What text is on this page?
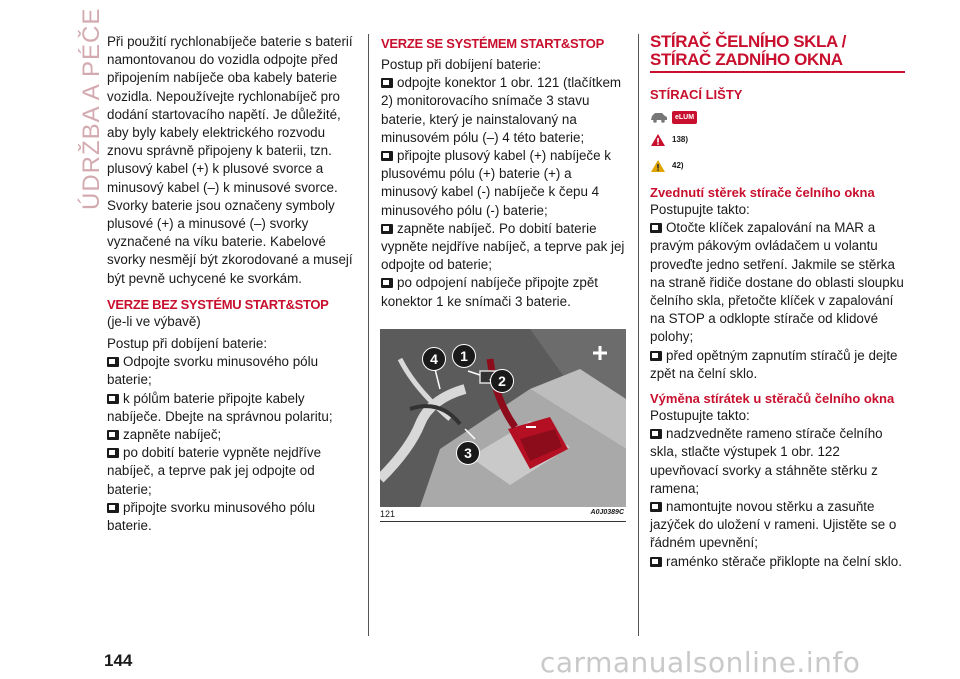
ÚDRŽBA A PÉČE Při použití rychlonabíječe baterie s baterií namontovanou do vozidla odpojte před připojením nabíječe oba kabely baterie vozidla. Nepoužívejte rychlonabíječ pro dodání startovacího napětí. Je důležité, aby byly kabely elektrického rozvodu znovu správně připojeny k baterii, tzn. plusový kabel (+) k plusové svorce a minusový kabel (–) k minusové svorce. Svorky baterie jsou označeny symboly plusové (+) a minusové (–) svorky vyznačené na víku baterie. Kabelové svorky nesmějí být zkorodované a musejí být pevně uchycené ke svorkám.

VERZE BEZ SYSTÉMU START&STOP

(je-li ve výbavě)

Postup při dobíjení baterie:

Odpojte svorku minusového pólu baterie;

k pólům baterie připojte kabely nabíječe. Dbejte na správnou polaritu;

zapněte nabíječ;

po dobití baterie vypněte nejdříve nabíječ, a teprve pak jej odpojte od baterie;

připojte svorku minusového pólu baterie.

VERZE SE SYSTÉMEM START&STOP

Postup při dobíjení baterie:

odpojte konektor 1 obr. 121 (tlačítkem 2) monitorovacího snímače 3 stavu baterie, který je nainstalovaný na minusovém pólu (–) 4 této baterie;

připojte plusový kabel (+) nabíječe k plusovému pólu (+) baterie (+) a minusový kabel (-) nabíječe k čepu 4 minusového pólu (-) baterie;

zapněte nabíječ. Po dobití baterie vypněte nejdříve nabíječ, a teprve pak jej odpojte od baterie;

po odpojení nabíječe připojte zpět konektor 1 ke snímači 3 baterie.

4	1
2
3
121	A0J0389C
STÍRAČ ČELNÍHO SKLA / STÍRAČ ZADNÍHO OKNA
STÍRACÍ LIŠTY
eLUM
138)
42)
Zvednutí stěrek stírače čelního okna

Postupujte takto:

Otočte klíček zapalování na MAR a pravým pákovým ovládačem u volantu proveďte jedno setření. Jakmile se stěrka na straně řidiče dostane do oblasti sloupku čelního skla, přetočte klíček v zapalování na STOP a odklopte stírače od klidové polohy;

před opětným zapnutím stíračů je dejte zpět na čelní sklo.

Výměna stírátek u stěračů čelního okna

Postupujte takto:

nadzvedněte rameno stírače čelního skla, stlačte výstupek 1 obr. 122 upevňovací svorky a stáhněte stěrku z ramena;

namontujte novou stěrku a zasuňte jazýček do uložení v rameni. Ujistěte se o řádném upevnění;

raménko stěrače přiklopte na čelní sklo.

144	carmanualsonline.info
